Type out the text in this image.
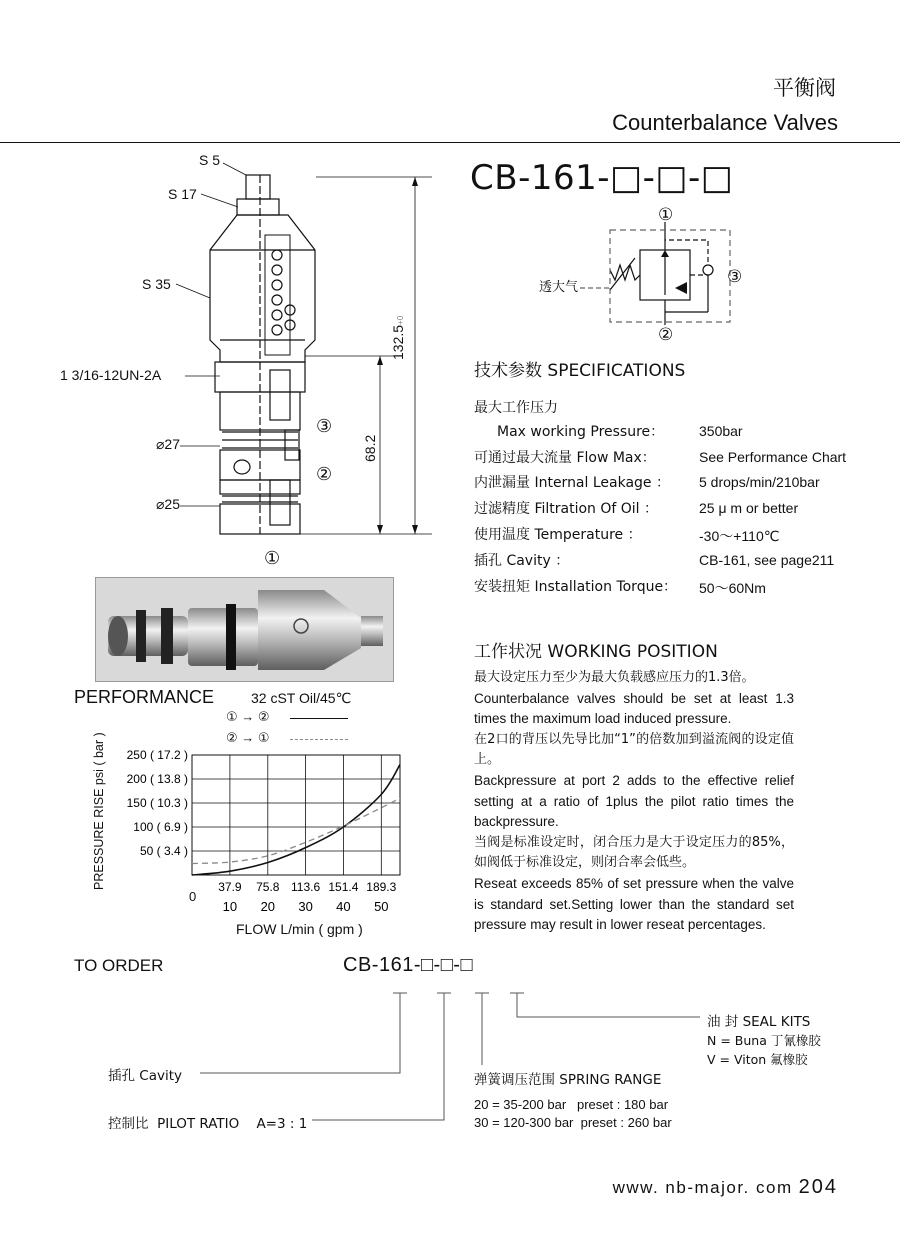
平衡阀
Counterbalance Valves
CB-161-□-□-□
S 5
S 17
S 35
1 3/16-12UN-2A
⌀27
⌀25
③
②
①
132.5+0
68.2
①
②
③
透大气
技术参数 SPECIFICATIONS
最大工作压力
Max working Pressure： 350bar
可通过最大流量 Flow Max：	See Performance Chart
内泄漏量 Internal Leakage ： 5 drops/min/210bar
过滤精度 Filtration Of Oil ：	25 μ m or better
使用温度 Temperature ：	-30～+110℃
插孔 Cavity ：	CB-161, see page211
安装扭矩 Installation Torque： 50～60Nm
工作状况 WORKING POSITION

最大设定压力至少为最大负载感应压力的1.3倍。

Counterbalance valves should be set at least 1.3 times the maximum load induced pressure.

在2口的背压以先导比加“1”的倍数加到溢流阀的设定值上。

Backpressure at port 2 adds to the effective relief setting at a ratio of 1plus the pilot ratio times the backpressure.

当阀是标准设定时，闭合压力是大于设定压力的85%，如阀低于标准设定，则闭合率会低些。

Reseat exceeds 85% of set pressure when the valve is standard set.Setting lower than the standard set pressure may result in lower reseat percentages.

PERFORMANCE	32 cST Oil/45℃
① → ②
② → ①
37.9
10
75.8
20
113.6
30
151.4
40
189.3
50
250 ( 17.2 )
200 ( 13.8 )
150 ( 10.3 )
100 ( 6.9 )
50 ( 3.4 )
PRESSURE RISE psi ( bar )
FLOW L/min ( gpm )
0
TO ORDER	CB-161-□-□-□
油 封 SEAL KITS
N = Buna 丁氰橡胶
V = Viton 氟橡胶
插孔 Cavity	弹簧调压范围 SPRING RANGE
20 = 35-200 bar   preset : 180 bar
30 = 120-300 bar  preset : 260 bar
控制比  PILOT RATIO    A=3 : 1
www. nb-major. com 204
